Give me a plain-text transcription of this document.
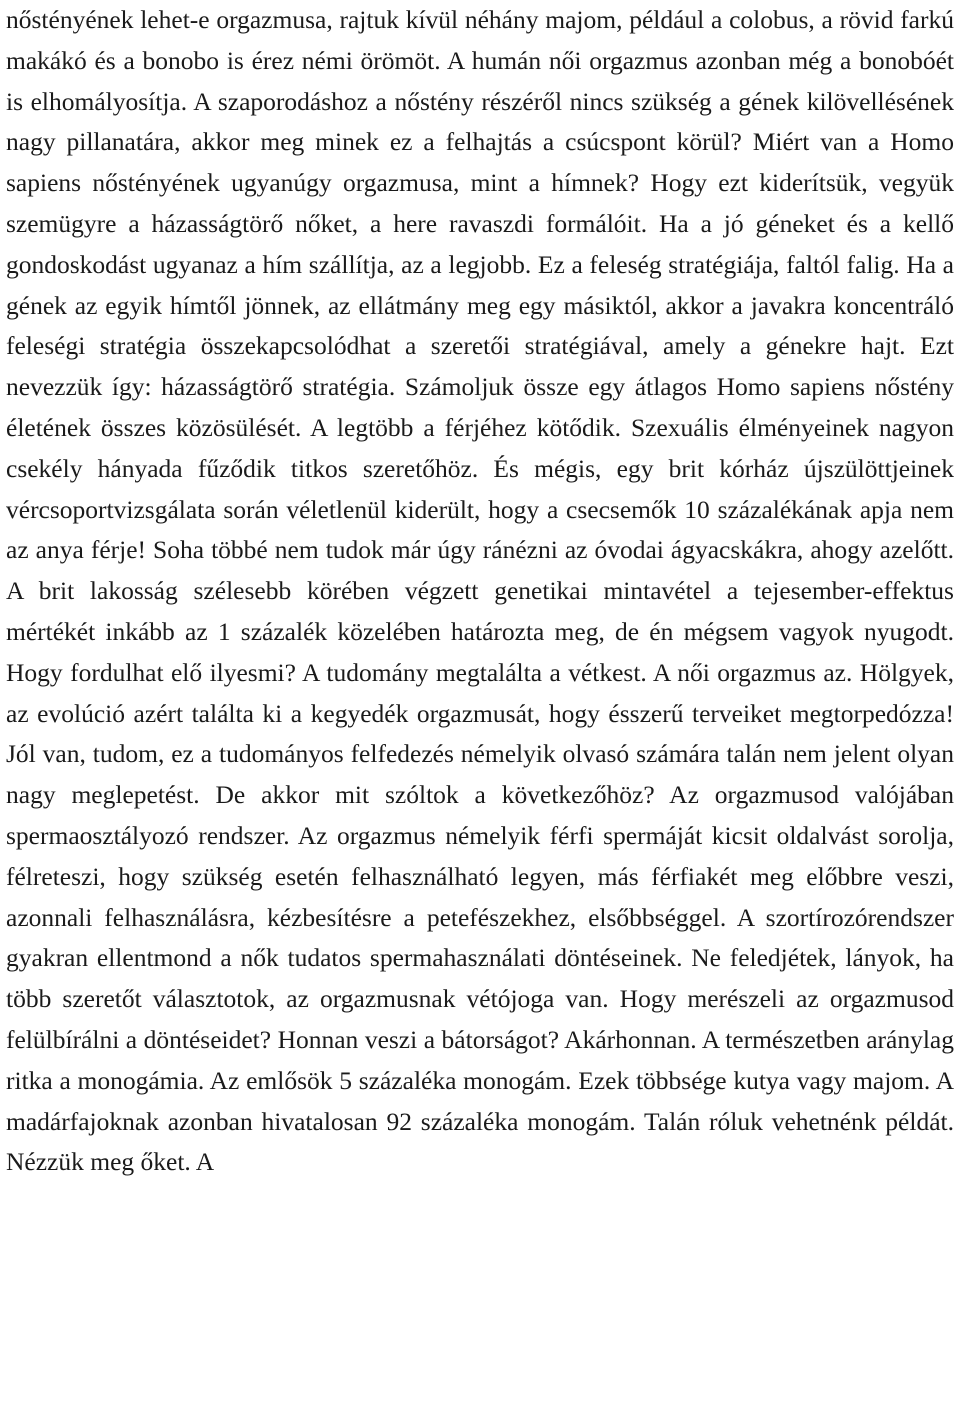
nőstényének lehet-e orgazmusa, rajtuk kívül néhány majom, például a colobus, a rövid farkú makákó és a bonobo is érez némi örömöt. A humán női orgazmus azonban még a bonobóét is elhomályosítja. A szaporodáshoz a nőstény részéről nincs szükség a gének kilövellésének nagy pillanatára, akkor meg minek ez a felhajtás a csúcspont körül? Miért van a Homo sapiens nőstényének ugyanúgy orgazmusa, mint a hímnek? Hogy ezt kiderítsük, vegyük szemügyre a házasságtörő nőket, a here ravaszdi formálóit. Ha a jó géneket és a kellő gondoskodást ugyanaz a hím szállítja, az a legjobb. Ez a feleség stratégiája, faltól falig. Ha a gének az egyik hímtől jönnek, az ellátmány meg egy másiktól, akkor a javakra koncentráló feleségi stratégia összekapcsolódhat a szeretői stratégiával, amely a génekre hajt. Ezt nevezzük így: házasságtörő stratégia. Számoljuk össze egy átlagos Homo sapiens nőstény életének összes közösülését. A legtöbb a férjéhez kötődik. Szexuális élményeinek nagyon csekély hányada fűződik titkos szeretőhöz. És mégis, egy brit kórház újszülöttjeinek vércsoportvizsgálata során véletlenül kiderült, hogy a csecsemők 10 százalékának apja nem az anya férje! Soha többé nem tudok már úgy ránézni az óvodai ágyacskákra, ahogy azelőtt. A brit lakosság szélesebb körében végzett genetikai mintavétel a tejesember-effektus mértékét inkább az 1 százalék közelében határozta meg, de én mégsem vagyok nyugodt. Hogy fordulhat elő ilyesmi? A tudomány megtalálta a vétkest. A női orgazmus az. Hölgyek, az evolúció azért találta ki a kegyedék orgazmusát, hogy ésszerű terveiket megtorpedózza! Jól van, tudom, ez a tudományos felfedezés némelyik olvasó számára talán nem jelent olyan nagy meglepetést. De akkor mit szóltok a következőhöz? Az orgazmusod valójában spermaosztályozó rendszer. Az orgazmus némelyik férfi spermáját kicsit oldalvást sorolja, félreteszi, hogy szükség esetén felhasználható legyen, más férfiakét meg előbbre veszi, azonnali felhasználásra, kézbesítésre a petefészekhez, elsőbbséggel. A szortírozórendszer gyakran ellentmond a nők tudatos spermahasználati döntéseinek. Ne feledjétek, lányok, ha több szeretőt választotok, az orgazmusnak vétójoga van. Hogy merészeli az orgazmusod felülbírálni a döntéseidet? Honnan veszi a bátorságot? Akárhonnan. A természetben aránylag ritka a monogámia. Az emlősök 5 százaléka monogám. Ezek többsége kutya vagy majom. A madárfajoknak azonban hivatalosan 92 százaléka monogám. Talán róluk vehetnénk példát. Nézzük meg őket. A
